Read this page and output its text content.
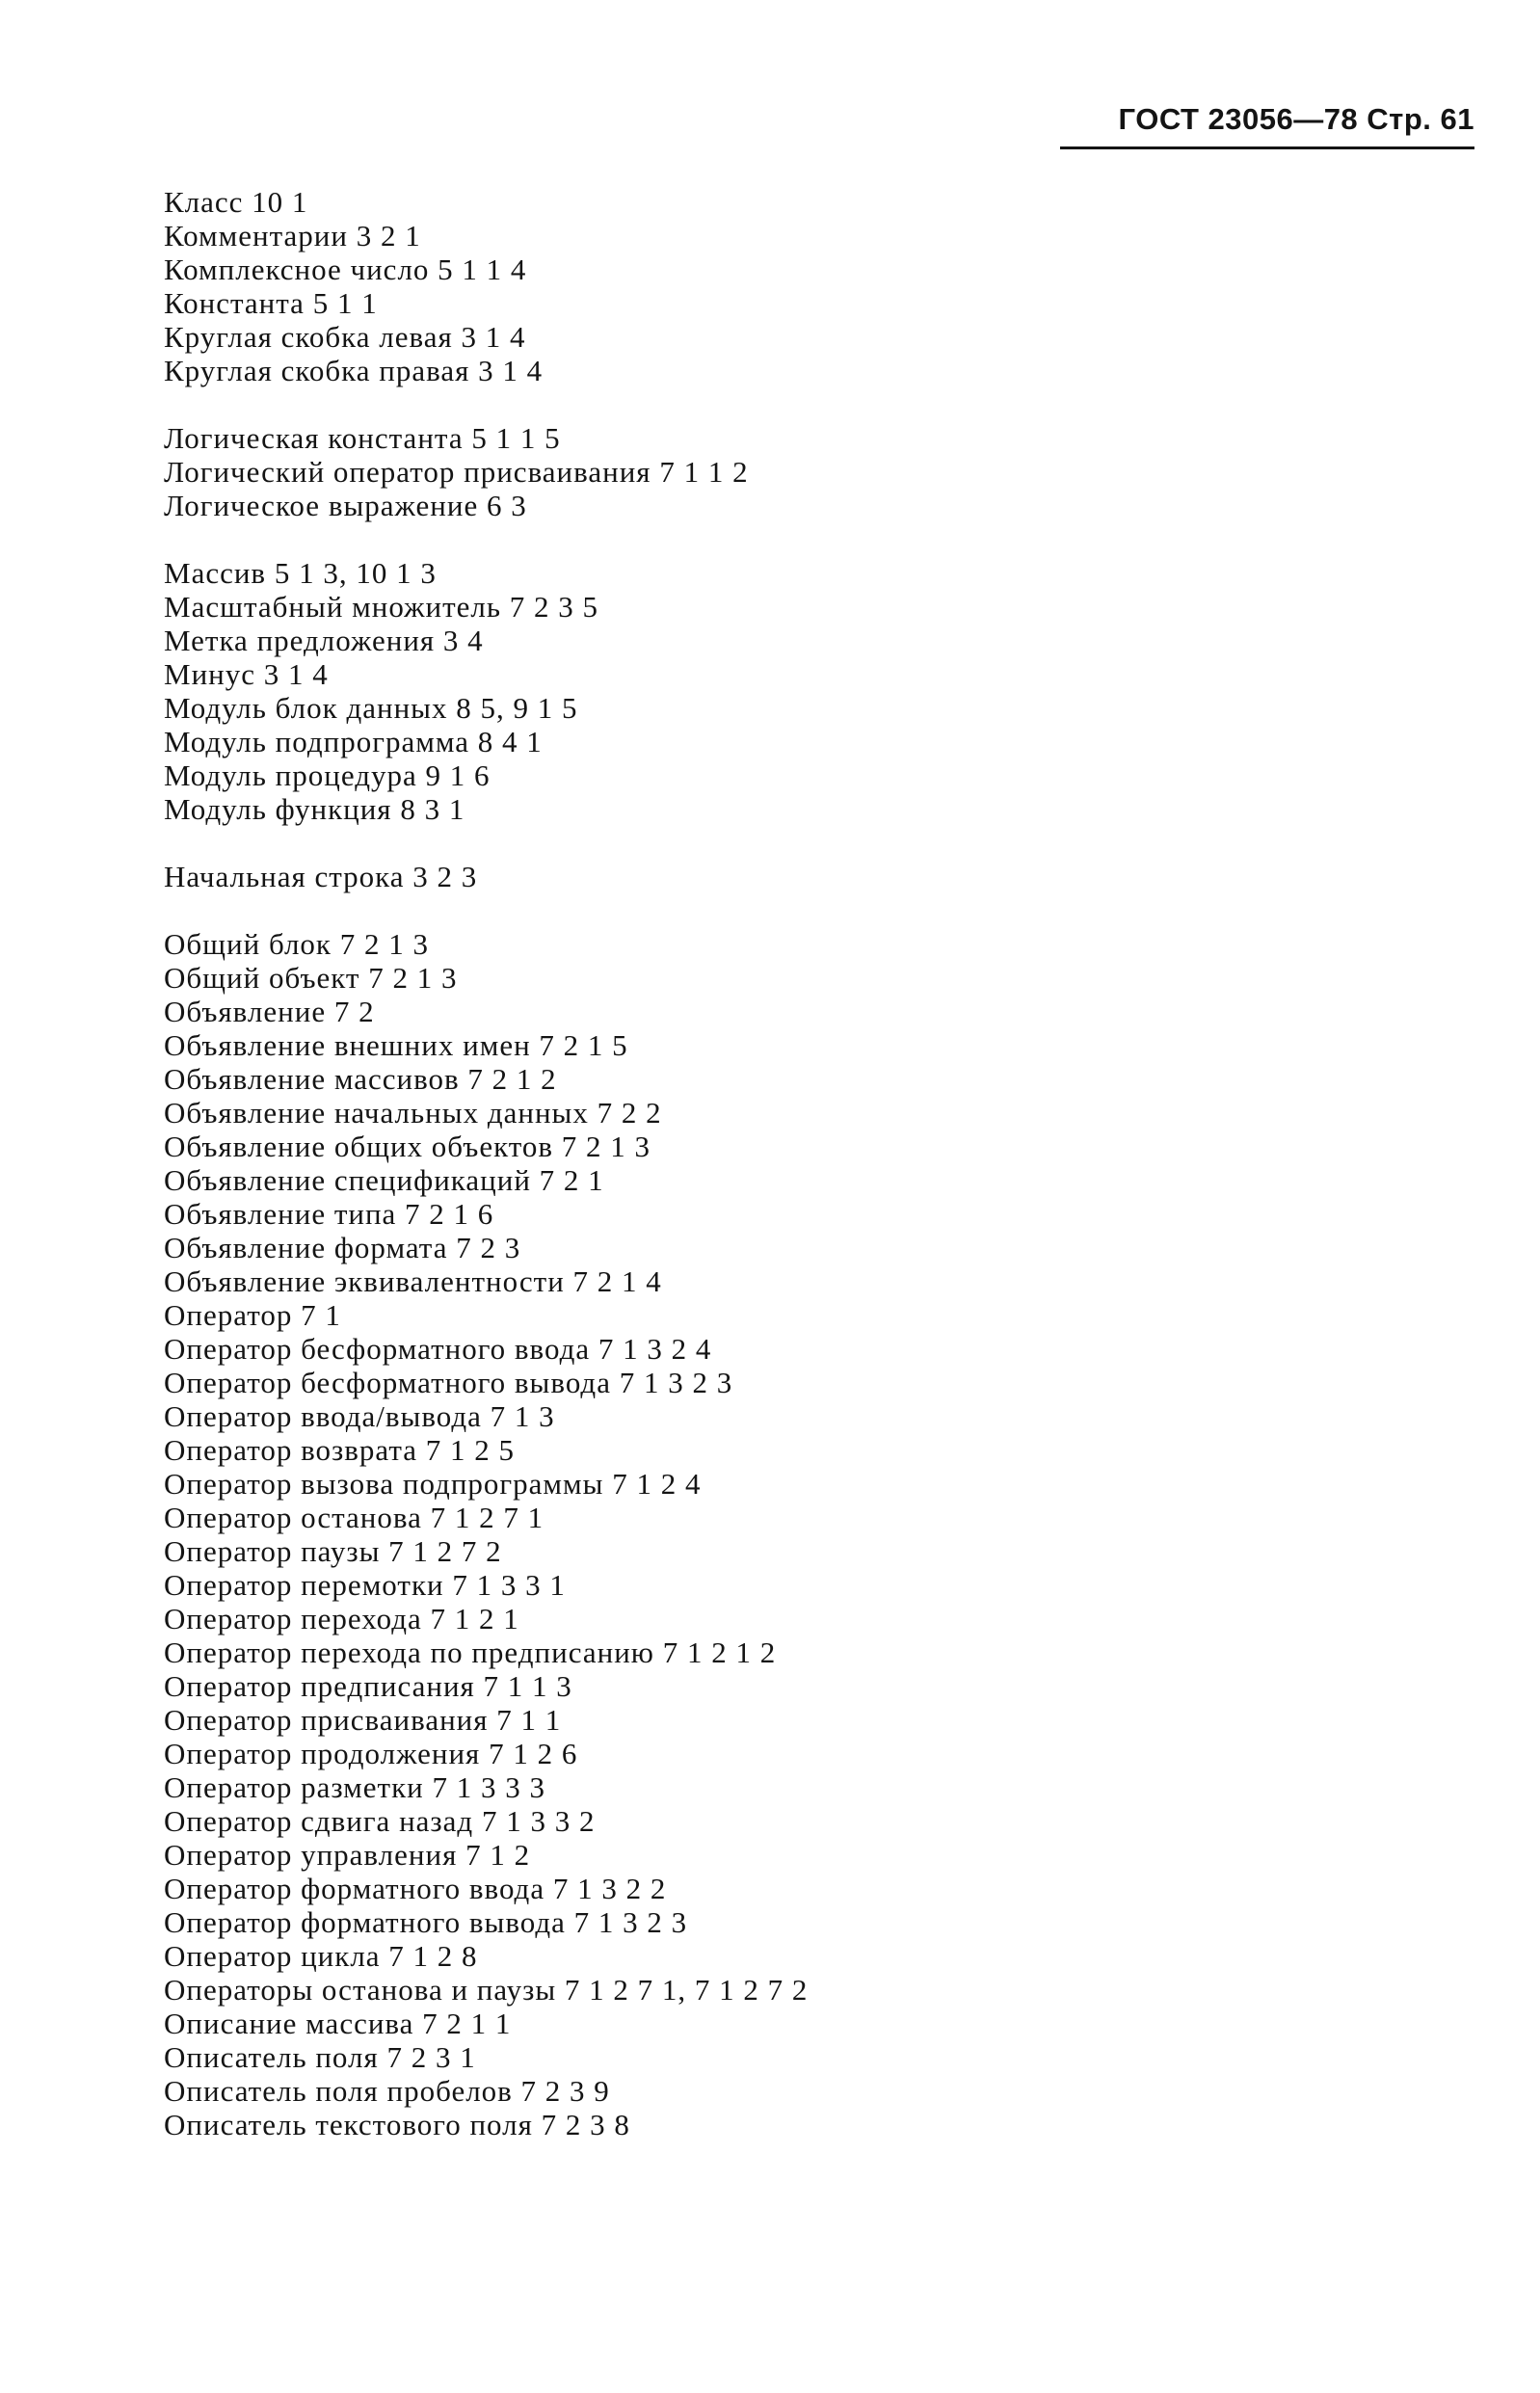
ГОСТ 23056—78 Стр. 61
Класс 10 1
Комментарии 3 2 1
Комплексное число 5 1 1 4
Константа 5 1 1
Круглая скобка левая 3 1 4
Круглая скобка правая 3 1 4
Логическая константа 5 1 1 5
Логический оператор присваивания 7 1 1 2
Логическое выражение 6 3
Массив 5 1 3, 10 1 3
Масштабный множитель 7 2 3 5
Метка предложения 3 4
Минус 3 1 4
Модуль блок данных 8 5, 9 1 5
Модуль подпрограмма 8 4 1
Модуль процедура 9 1 6
Модуль функция 8 3 1
Начальная строка 3 2 3
Общий блок 7 2 1 3
Общий объект 7 2 1 3
Объявление 7 2
Объявление внешних имен 7 2 1 5
Объявление массивов 7 2 1 2
Объявление начальных данных 7 2 2
Объявление общих объектов 7 2 1 3
Объявление спецификаций 7 2 1
Объявление типа 7 2 1 6
Объявление формата 7 2 3
Объявление эквивалентности 7 2 1 4
Оператор 7 1
Оператор бесформатного ввода 7 1 3 2 4
Оператор бесформатного вывода 7 1 3 2 3
Оператор ввода/вывода 7 1 3
Оператор возврата 7 1 2 5
Оператор вызова подпрограммы 7 1 2 4
Оператор останова 7 1 2 7 1
Оператор паузы 7 1 2 7 2
Оператор перемотки 7 1 3 3 1
Оператор перехода 7 1 2 1
Оператор перехода по предписанию 7 1 2 1 2
Оператор предписания 7 1 1 3
Оператор присваивания 7 1 1
Оператор продолжения 7 1 2 6
Оператор разметки 7 1 3 3 3
Оператор сдвига назад 7 1 3 3 2
Оператор управления 7 1 2
Оператор форматного ввода 7 1 3 2 2
Оператор форматного вывода 7 1 3 2 3
Оператор цикла 7 1 2 8
Операторы останова и паузы 7 1 2 7 1, 7 1 2 7 2
Описание массива 7 2 1 1
Описатель поля 7 2 3 1
Описатель поля пробелов 7 2 3 9
Описатель текстового поля 7 2 3 8
